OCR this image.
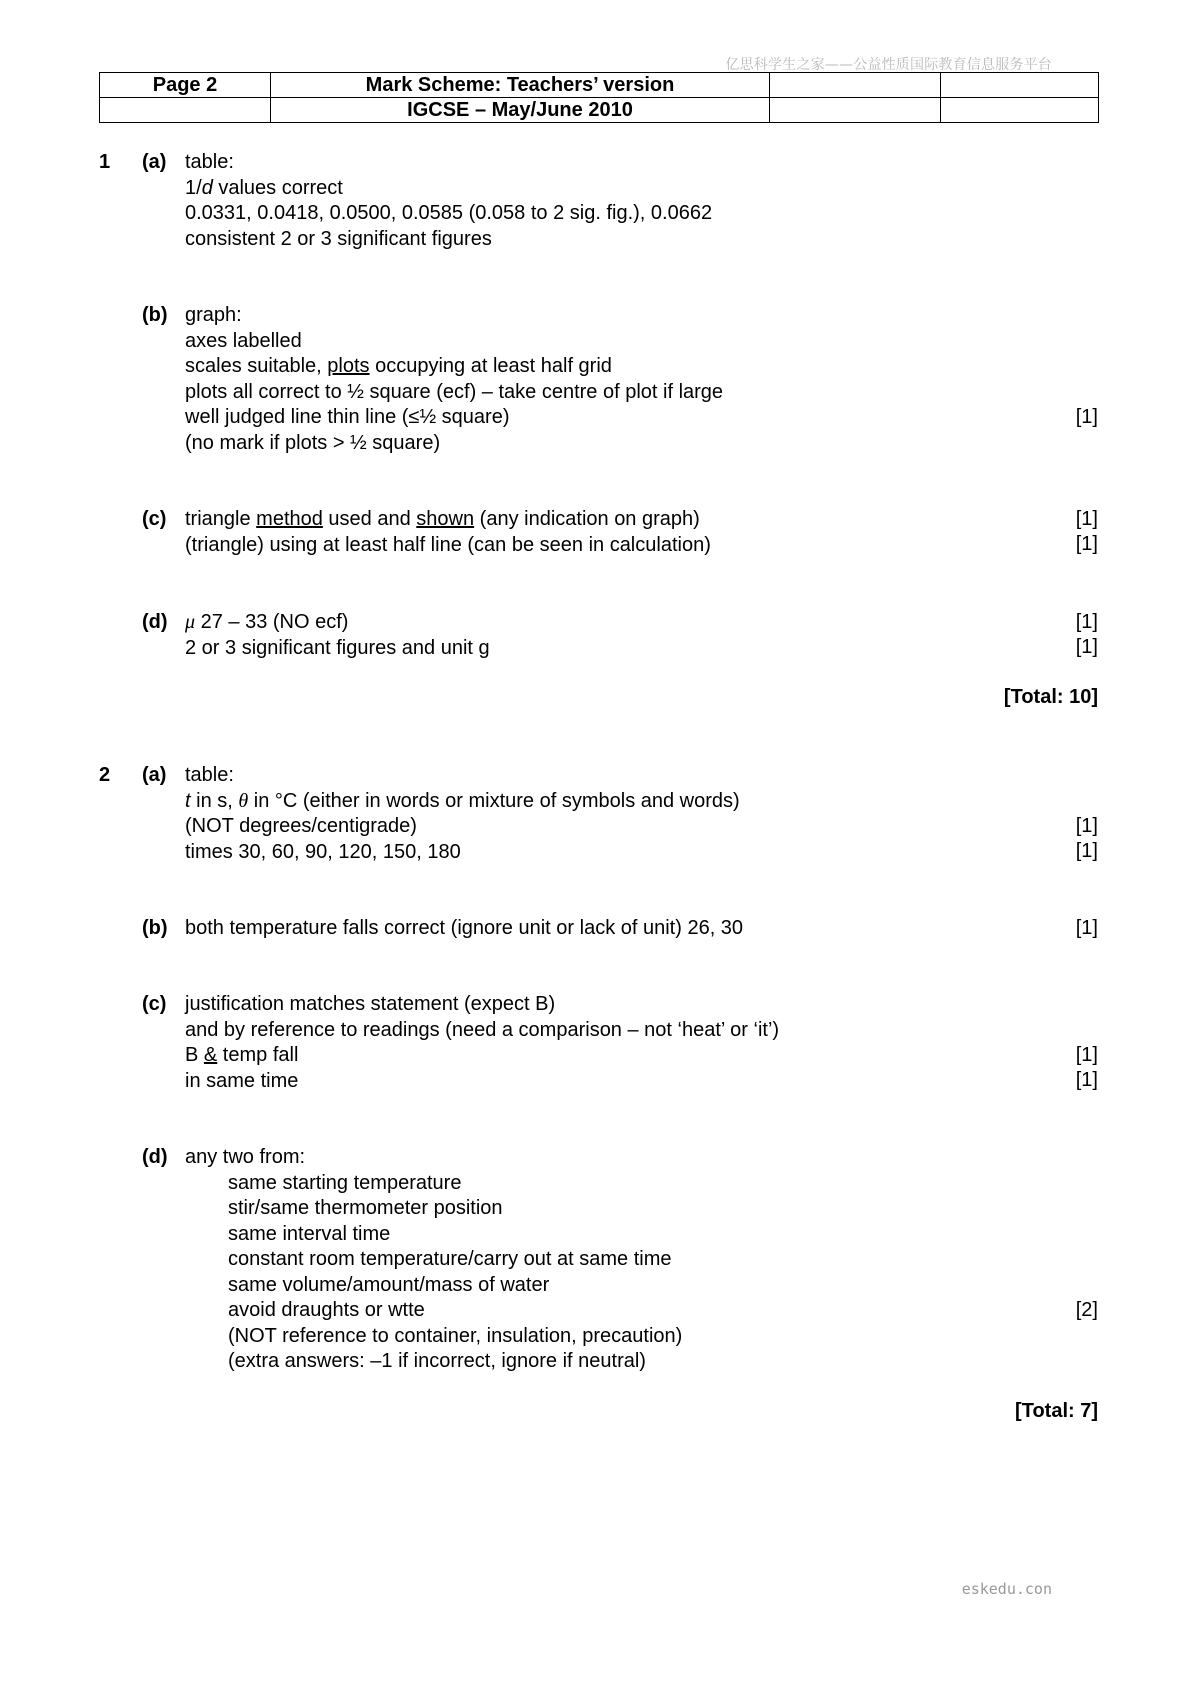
亿思科学生之家——公益性质国际教育信息服务平台
Page 2	Mark Scheme: Teachers’ version		
	IGCSE – May/June 2010		
1 (a) table:
1/d values correct
0.0331, 0.0418, 0.0500, 0.0585 (0.058 to 2 sig. fig.), 0.0662
consistent 2 or 3 significant figures
(b) graph:
axes labelled
scales suitable, plots occupying at least half grid
plots all correct to ½ square (ecf) – take centre of plot if large
well judged line thin line (≤½ square)
(no mark if plots > ½ square)
[1]
(c) triangle method used and shown (any indication on graph)
(triangle) using at least half line (can be seen in calculation)
[1]
[1]
(d) μ 27 – 33 (NO ecf)
2 or 3 significant figures and unit g
[1]
[1]
[Total: 10]
2 (a) table:
t in s, θ in °C (either in words or mixture of symbols and words)
(NOT degrees/centigrade)
times 30, 60, 90, 120, 150, 180
[1]
[1]
(b) both temperature falls correct (ignore unit or lack of unit) 26, 30	[1]
(c) justification matches statement (expect B)
and by reference to readings (need a comparison – not ‘heat’ or ‘it’)
B & temp fall
in same time
[1]
[1]
(d) any two from:
same starting temperature
stir/same thermometer position
same interval time
constant room temperature/carry out at same time
same volume/amount/mass of water
avoid draughts or wtte
(NOT reference to container, insulation, precaution)
(extra answers: –1 if incorrect, ignore if neutral)
[2]
[Total: 7]
eskedu.con
